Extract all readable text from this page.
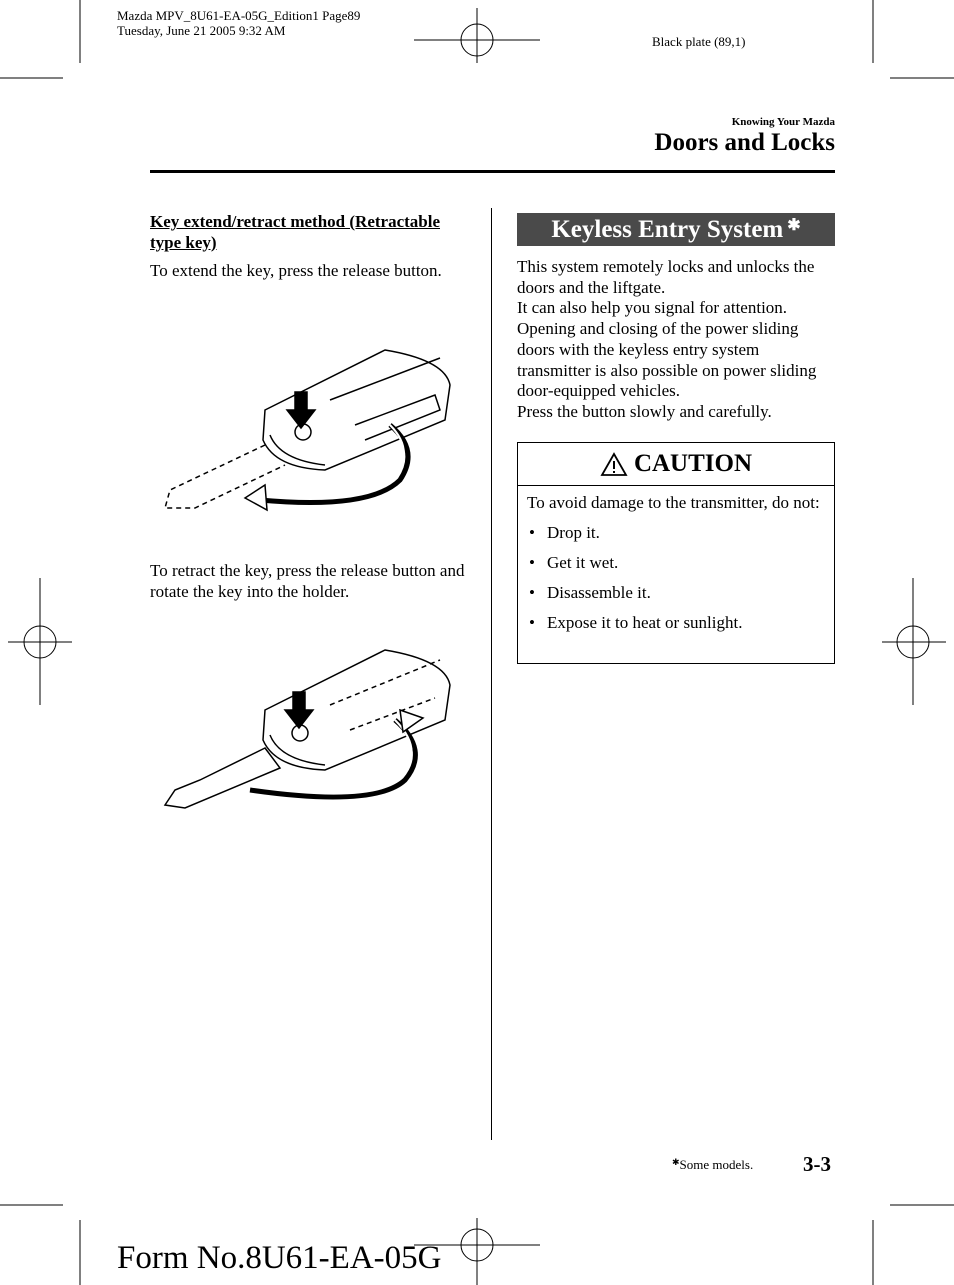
Mazda MPV_8U61-EA-05G_Edition1 Page89
Tuesday, June 21 2005 9:32 AM
Black plate (89,1)
Knowing Your Mazda
Doors and Locks
Key extend/retract method (Retractable type key)
To extend the key, press the release button.
To retract the key, press the release button and rotate the key into the holder.
Keyless Entry System ✱

This system remotely locks and unlocks the doors and the liftgate.

It can also help you signal for attention.

Opening and closing of the power sliding doors with the keyless entry system transmitter is also possible on power sliding door-equipped vehicles.

Press the button slowly and carefully.

CAUTION
To avoid damage to the transmitter, do not:
• Drop it.
• Get it wet.
• Disassemble it.
• Expose it to heat or sunlight.
✱Some models. 3-3
Form No.8U61-EA-05G
